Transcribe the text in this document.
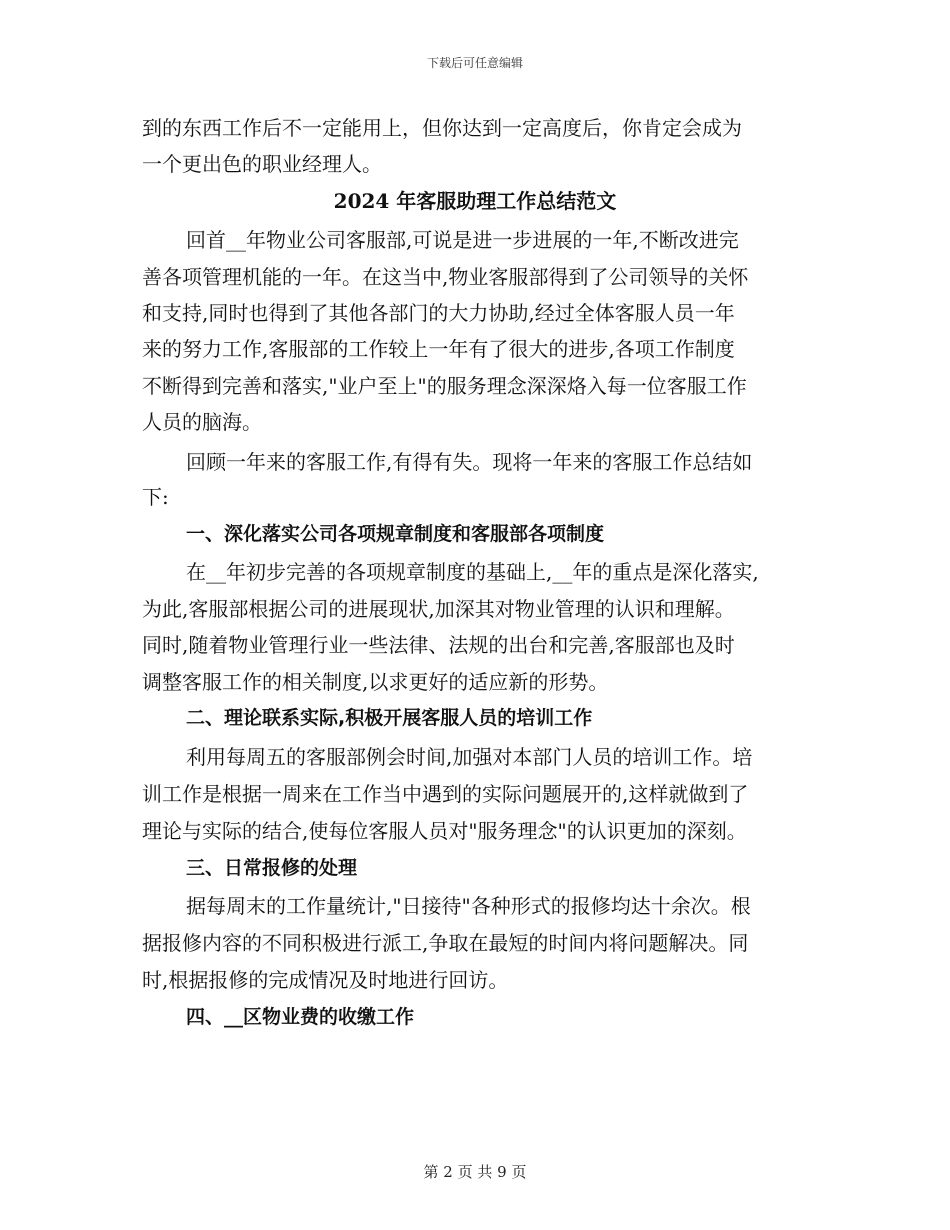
下载后可任意编辑
到的东西工作后不一定能用上，但你达到一定高度后，你肯定会成为
一个更出色的职业经理人。
2024 年客服助理工作总结范文
回首__年物业公司客服部,可说是进一步进展的一年,不断改进完
善各项管理机能的一年。在这当中,物业客服部得到了公司领导的关怀
和支持,同时也得到了其他各部门的大力协助,经过全体客服人员一年
来的努力工作,客服部的工作较上一年有了很大的进步,各项工作制度
不断得到完善和落实,"业户至上"的服务理念深深烙入每一位客服工作
人员的脑海。
回顾一年来的客服工作,有得有失。现将一年来的客服工作总结如
下:
一、深化落实公司各项规章制度和客服部各项制度
在__年初步完善的各项规章制度的基础上,__年的重点是深化落实,
为此,客服部根据公司的进展现状,加深其对物业管理的认识和理解。
同时,随着物业管理行业一些法律、法规的出台和完善,客服部也及时
调整客服工作的相关制度,以求更好的适应新的形势。
二、理论联系实际,积极开展客服人员的培训工作
利用每周五的客服部例会时间,加强对本部门人员的培训工作。培
训工作是根据一周来在工作当中遇到的实际问题展开的,这样就做到了
理论与实际的结合,使每位客服人员对"服务理念"的认识更加的深刻。
三、日常报修的处理
据每周末的工作量统计,"日接待"各种形式的报修均达十余次。根
据报修内容的不同积极进行派工,争取在最短的时间内将问题解决。同
时,根据报修的完成情况及时地进行回访。
四、__区物业费的收缴工作
第 2 页 共 9 页
